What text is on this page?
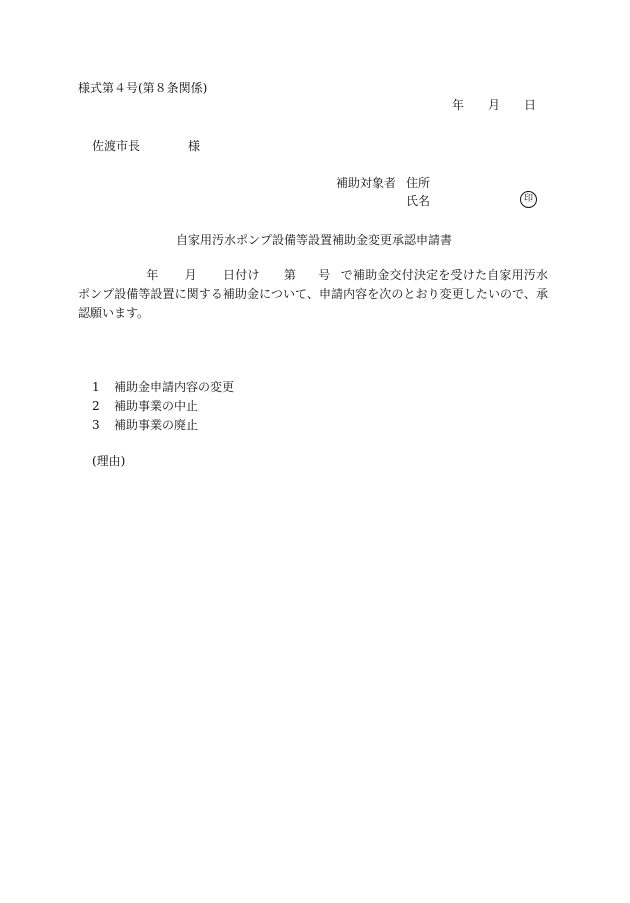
様式第４号(第８条関係)
年 月 日
佐渡市長	様
補助対象者 住所
氏名	印
自家用汚水ポンプ設備等設置補助金変更承認申請書
年 月 日付け 第 号 で補助金交付決定を受けた自家用汚水ポンプ設備等設置に関する補助金について、申請内容を次のとおり変更したいので、承認願います。
1 補助金申請内容の変更
2 補助事業の中止
3 補助事業の廃止
(理由)
